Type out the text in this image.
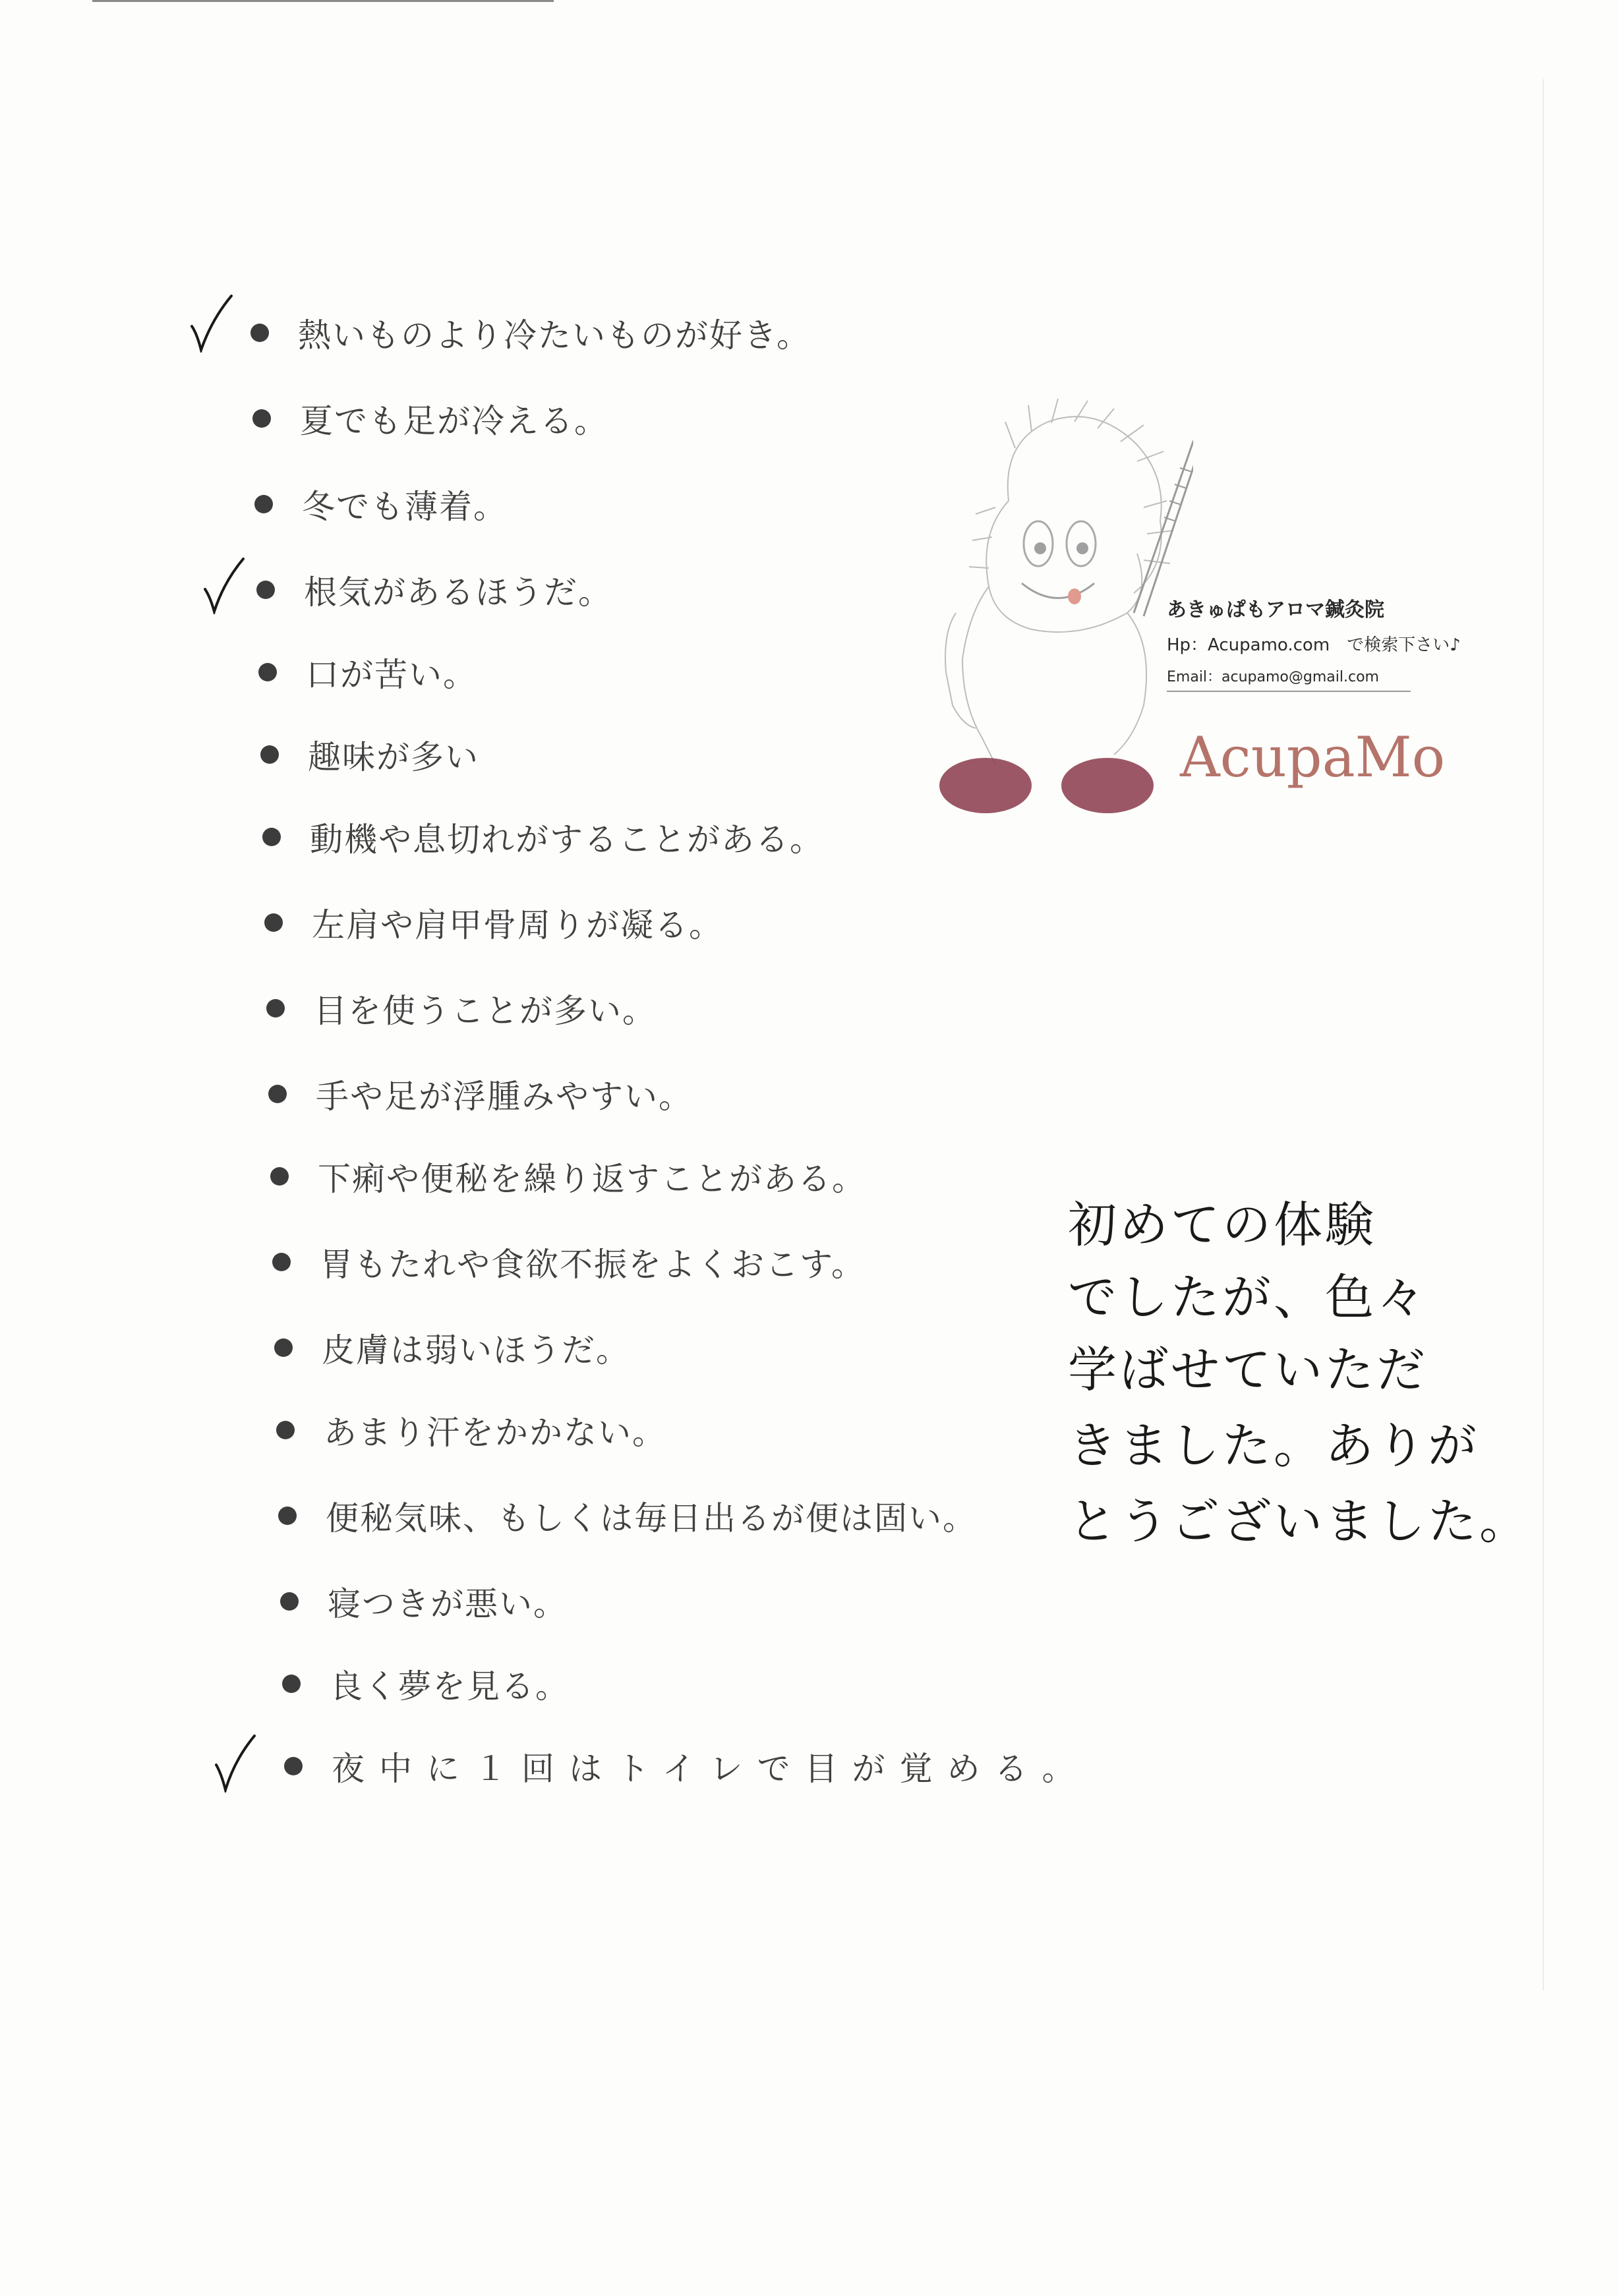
熱いものより冷たいものが好き。
夏でも足が冷える。
冬でも薄着。
根気があるほうだ。
口が苦い。
趣味が多い
動機や息切れがすることがある。
左肩や肩甲骨周りが凝る。
目を使うことが多い。
手や足が浮腫みやすい。
下痢や便秘を繰り返すことがある。
胃もたれや食欲不振をよくおこす。
皮膚は弱いほうだ。
あまり汗をかかない。
便秘気味、もしくは毎日出るが便は固い。
寝つきが悪い。
良く夢を見る。
夜中に１回はトイレで目が覚める。
あきゅぱもアロマ鍼灸院
Hp：Acupamo.com　で検索下さい♪
Email：acupamo@gmail.com
AcupaMo
初めての体験
でしたが、色々
学ばせていただ
きました。ありが
とうございました。
